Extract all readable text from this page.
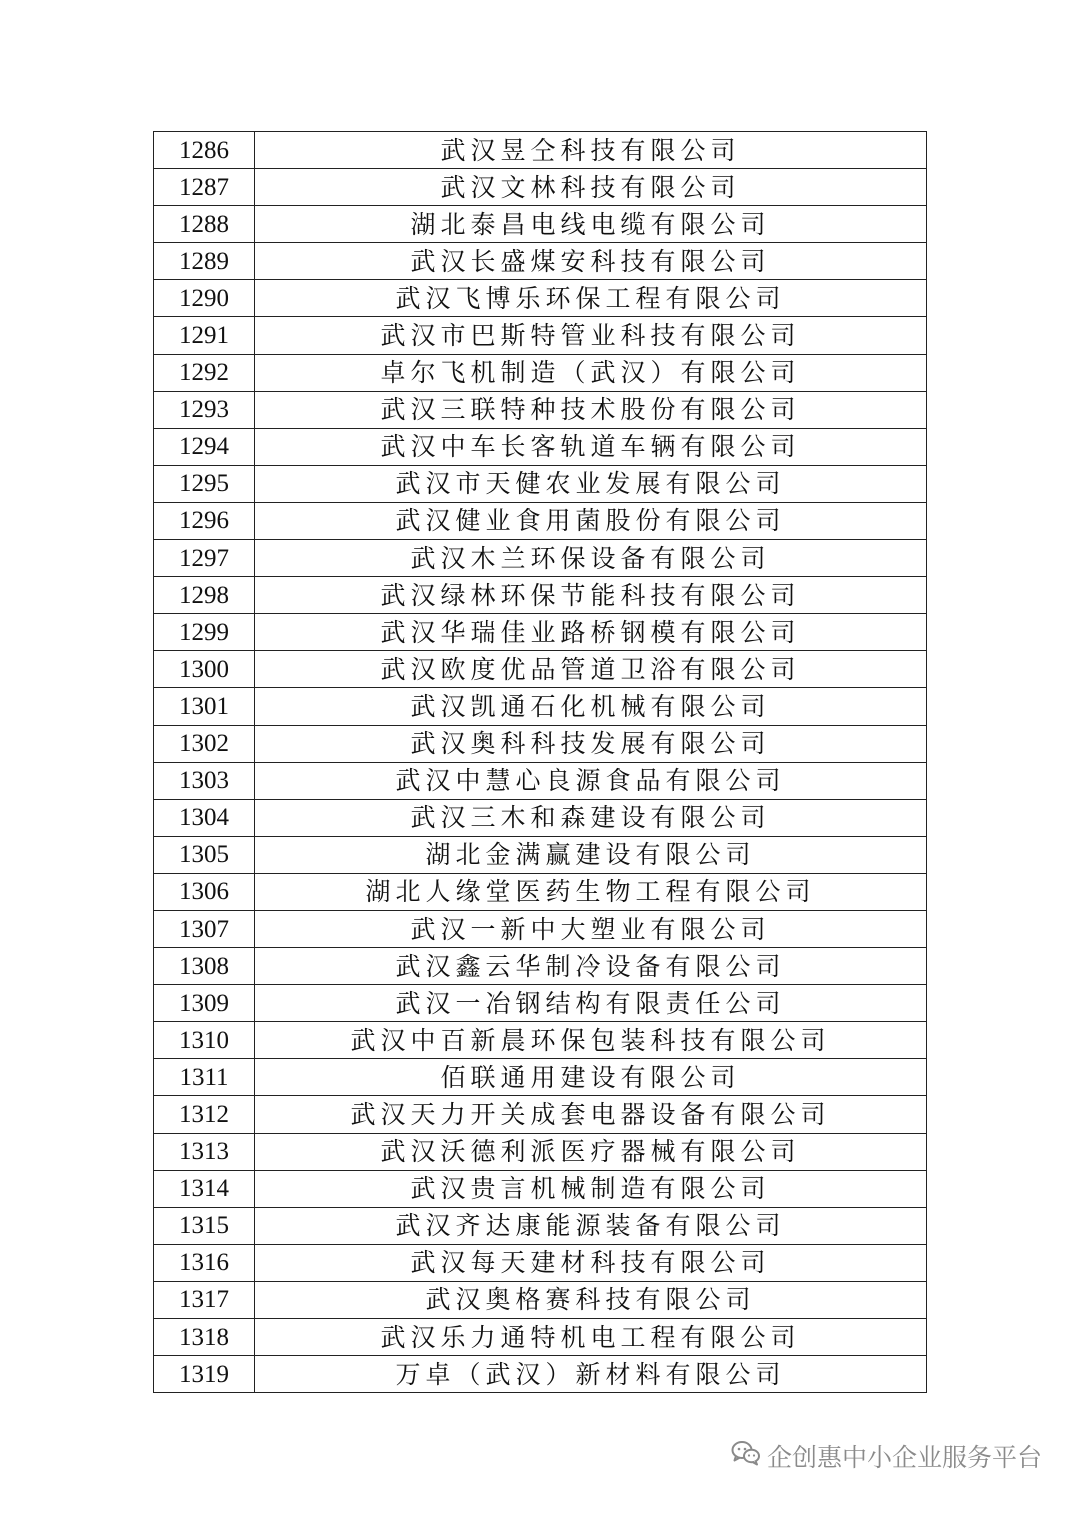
1286	武汉昱仝科技有限公司
1287	武汉文林科技有限公司
1288	湖北泰昌电线电缆有限公司
1289	武汉长盛煤安科技有限公司
1290	武汉飞博乐环保工程有限公司
1291	武汉市巴斯特管业科技有限公司
1292	卓尔飞机制造（武汉）有限公司
1293	武汉三联特种技术股份有限公司
1294	武汉中车长客轨道车辆有限公司
1295	武汉市天健农业发展有限公司
1296	武汉健业食用菌股份有限公司
1297	武汉木兰环保设备有限公司
1298	武汉绿林环保节能科技有限公司
1299	武汉华瑞佳业路桥钢模有限公司
1300	武汉欧度优品管道卫浴有限公司
1301	武汉凯通石化机械有限公司
1302	武汉奥科科技发展有限公司
1303	武汉中慧心良源食品有限公司
1304	武汉三木和森建设有限公司
1305	湖北金满赢建设有限公司
1306	湖北人缘堂医药生物工程有限公司
1307	武汉一新中大塑业有限公司
1308	武汉鑫云华制冷设备有限公司
1309	武汉一冶钢结构有限责任公司
1310	武汉中百新晨环保包装科技有限公司
1311	佰联通用建设有限公司
1312	武汉天力开关成套电器设备有限公司
1313	武汉沃德利派医疗器械有限公司
1314	武汉贵言机械制造有限公司
1315	武汉齐达康能源装备有限公司
1316	武汉每天建材科技有限公司
1317	武汉奥格赛科技有限公司
1318	武汉乐力通特机电工程有限公司
1319	万卓（武汉）新材料有限公司
企创惠中小企业服务平台
